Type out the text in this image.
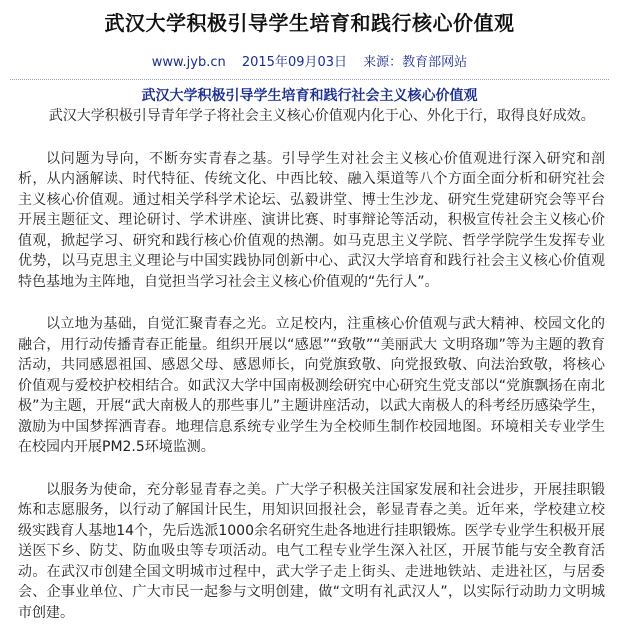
武汉大学积极引导学生培育和践行核心价值观
www.jyb.cn 2015年09月03日 来源：教育部网站
武汉大学积极引导学生培育和践行社会主义核心价值观

武汉大学积极引导青年学子将社会主义核心价值观内化于心、外化于行，取得良好成效。

以问题为导向，不断夯实青春之基。引导学生对社会主义核心价值观进行深入研究和剖析，从内涵解读、时代特征、传统文化、中西比较、融入渠道等八个方面全面分析和研究社会主义核心价值观。通过相关学科学术论坛、弘毅讲堂、博士生沙龙、研究生党建研究会等平台开展主题征文、理论研讨、学术讲座、演讲比赛、时事辩论等活动，积极宣传社会主义核心价值观，掀起学习、研究和践行核心价值观的热潮。如马克思主义学院、哲学学院学生发挥专业优势，以马克思主义理论与中国实践协同创新中心、武汉大学培育和践行社会主义核心价值观特色基地为主阵地，自觉担当学习社会主义核心价值观的“先行人”。

以立地为基础，自觉汇聚青春之光。立足校内，注重核心价值观与武大精神、校园文化的融合，用行动传播青春正能量。组织开展以“感恩”“致敬”“美丽武大 文明珞珈”等为主题的教育活动，共同感恩祖国、感恩父母、感恩师长，向党旗致敬、向党报致敬、向法治致敬，将核心价值观与爱校护校相结合。如武汉大学中国南极测绘研究中心研究生党支部以“党旗飘扬在南北极”为主题，开展“武大南极人的那些事儿”主题讲座活动，以武大南极人的科考经历感染学生，激励为中国梦挥洒青春。地理信息系统专业学生为全校师生制作校园地图。环境相关专业学生在校园内开展PM2.5环境监测。

以服务为使命，充分彰显青春之美。广大学子积极关注国家发展和社会进步，开展挂职锻炼和志愿服务，以行动了解国计民生，用知识回报社会，彰显青春之美。近年来，学校建立校级实践育人基地14个，先后选派1000余名研究生赴各地进行挂职锻炼。医学专业学生积极开展送医下乡、防艾、防血吸虫等专项活动。电气工程专业学生深入社区，开展节能与安全教育活动。在武汉市创建全国文明城市过程中，武大学子走上街头、走进地铁站、走进社区，与居委会、企事业单位、广大市民一起参与文明创建，做“文明有礼武汉人”，以实际行动助力文明城市创建。
